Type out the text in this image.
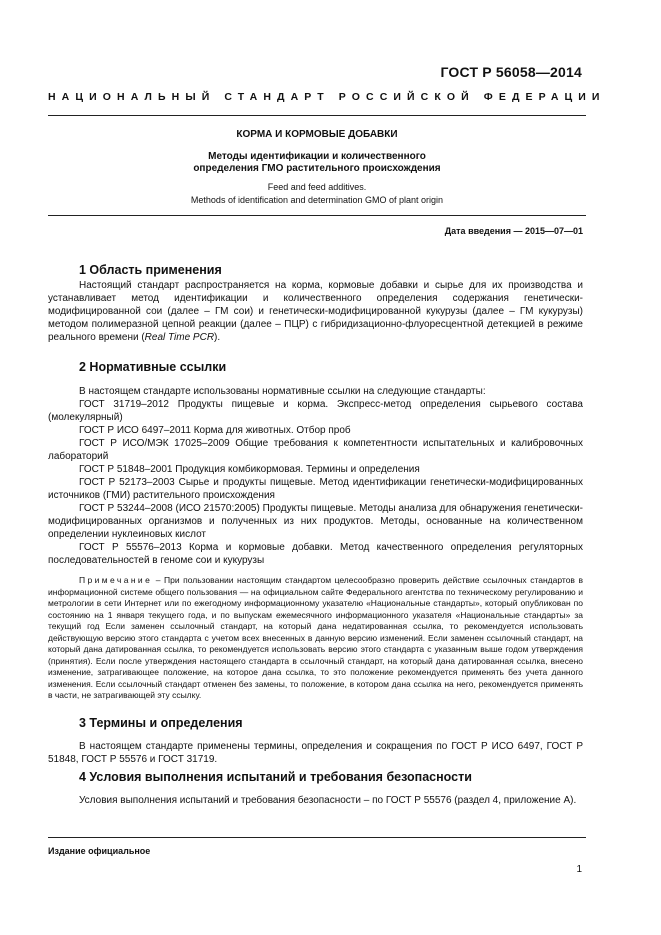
ГОСТ Р 56058—2014
НАЦИОНАЛЬНЫЙ СТАНДАРТ РОССИЙСКОЙ ФЕДЕРАЦИИ
КОРМА И КОРМОВЫЕ ДОБАВКИ
Методы идентификации и количественного
определения ГМО растительного происхождения
Feed and feed additives.
Methods of identification and determination GMO of plant origin
Дата введения — 2015—07—01
1 Область применения

Настоящий стандарт распространяется на корма, кормовые добавки и сырье для их производства и устанавливает метод идентификации и количественного определения содержания генетически-модифицированной сои (далее – ГМ сои) и генетически-модифицированной кукурузы (далее – ГМ кукурузы) методом полимеразной цепной реакции (далее – ПЦР) с гибридизационно-флуоресцентной детекцией в режиме реального времени (Real Time PCR).

2 Нормативные ссылки

В настоящем стандарте использованы нормативные ссылки на следующие стандарты:

ГОСТ 31719–2012 Продукты пищевые и корма. Экспресс-метод определения сырьевого состава (молекулярный)

ГОСТ Р ИСО 6497–2011 Корма для животных. Отбор проб

ГОСТ Р ИСО/МЭК 17025–2009 Общие требования к компетентности испытательных и калибровочных лабораторий

ГОСТ Р 51848–2001 Продукция комбикормовая. Термины и определения

ГОСТ Р 52173–2003 Сырье и продукты пищевые. Метод идентификации генетически-модифицированных источников (ГМИ) растительного происхождения

ГОСТ Р 53244–2008 (ИСО 21570:2005) Продукты пищевые. Методы анализа для обнаружения генетически-модифицированных организмов и полученных из них продуктов. Методы, основанные на количественном определении нуклеиновых кислот

ГОСТ Р 55576–2013 Корма и кормовые добавки. Метод качественного определения регуляторных последовательностей в геноме сои и кукурузы

Примечание – При пользовании настоящим стандартом целесообразно проверить действие ссылочных стандартов в информационной системе общего пользования — на официальном сайте Федерального агентства по техническому регулированию и метрологии в сети Интернет или по ежегодному информационному указателю «Национальные стандарты», который опубликован по состоянию на 1 января текущего года, и по выпускам ежемесячного информационного указателя «Национальные стандарты» за текущий год Если заменен ссылочный стандарт, на который дана недатированная ссылка, то рекомендуется использовать действующую версию этого стандарта с учетом всех внесенных в данную версию изменений. Если заменен ссылочный стандарт, на который дана датированная ссылка, то рекомендуется использовать версию этого стандарта с указанным выше годом утверждения (принятия). Если после утверждения настоящего стандарта в ссылочный стандарт, на который дана датированная ссылка, внесено изменение, затрагивающее положение, на которое дана ссылка, то это положение рекомендуется применять без учета данного изменения. Если ссылочный стандарт отменен без замены, то положение, в котором дана ссылка на него, рекомендуется применять в части, не затрагивающей эту ссылку.
3 Термины и определения

В настоящем стандарте применены термины, определения и сокращения по ГОСТ Р ИСО 6497, ГОСТ Р 51848, ГОСТ Р 55576 и ГОСТ 31719.

4 Условия выполнения испытаний и требования безопасности

Условия выполнения испытаний и требования безопасности – по ГОСТ Р 55576 (раздел 4, приложение А).

Издание официальное
1
